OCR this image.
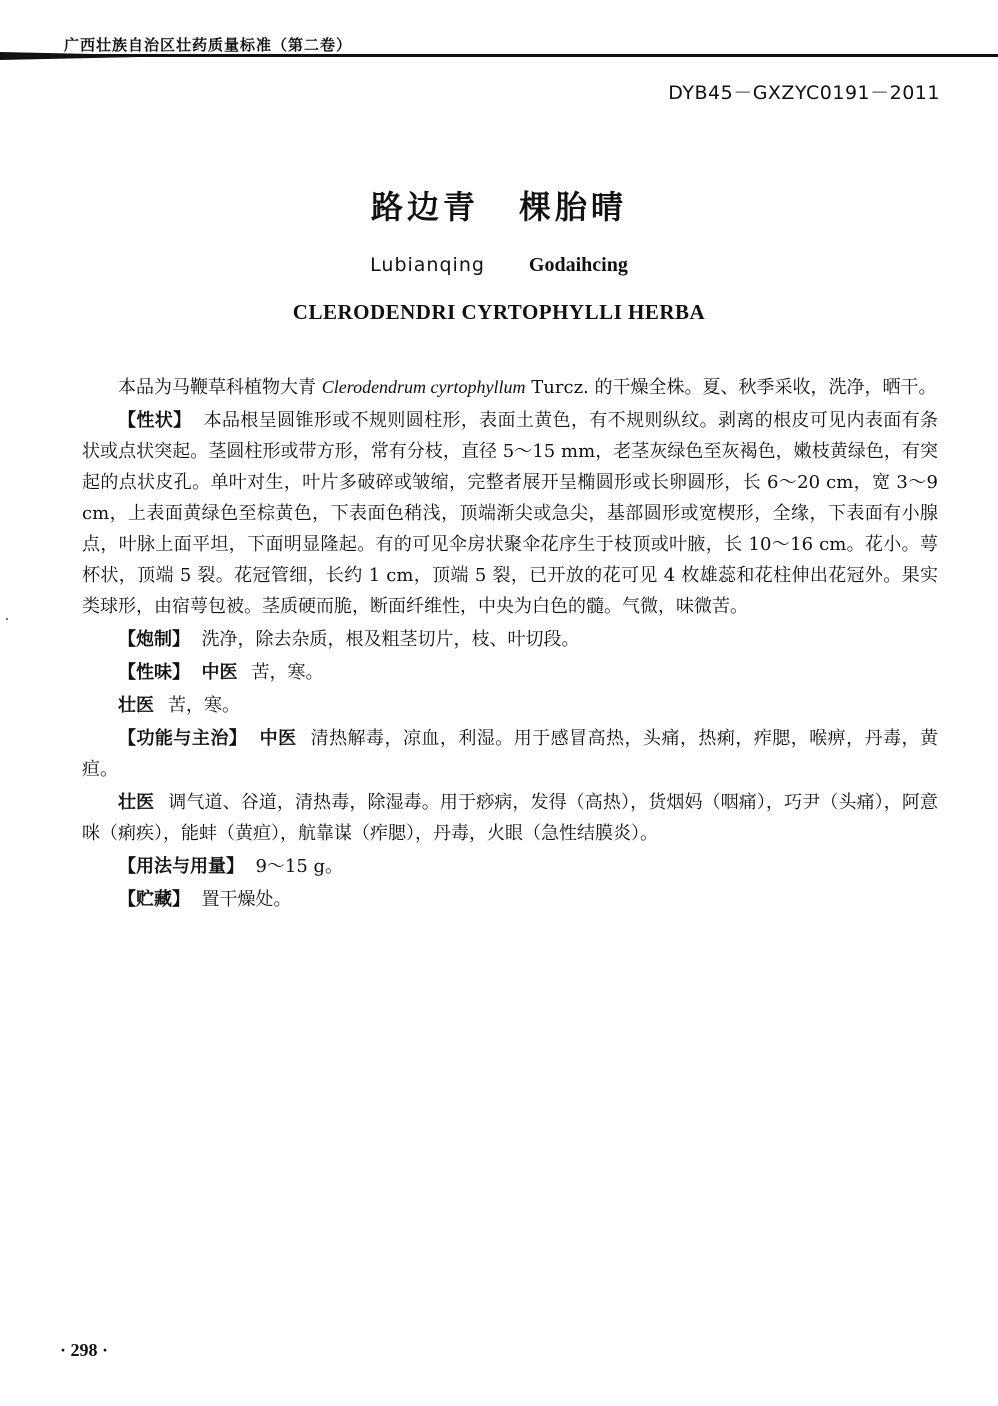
广西壮族自治区壮药质量标准（第二卷）
DYB45－GXZYC0191－2011
路边青 棵胎晴
Lubianqing Godaihcing
CLERODENDRI CYRTOPHYLLI HERBA

本品为马鞭草科植物大青 Clerodendrum cyrtophyllum Turcz. 的干燥全株。夏、秋季采收，洗净，晒干。

【性状】 本品根呈圆锥形或不规则圆柱形，表面土黄色，有不规则纵纹。剥离的根皮可见内表面有条状或点状突起。茎圆柱形或带方形，常有分枝，直径 5～15 mm，老茎灰绿色至灰褐色，嫩枝黄绿色，有突起的点状皮孔。单叶对生，叶片多破碎或皱缩，完整者展开呈椭圆形或长卵圆形，长 6～20 cm，宽 3～9 cm，上表面黄绿色至棕黄色，下表面色稍浅，顶端渐尖或急尖，基部圆形或宽楔形，全缘，下表面有小腺点，叶脉上面平坦，下面明显隆起。有的可见伞房状聚伞花序生于枝顶或叶腋，长 10～16 cm。花小。萼杯状，顶端 5 裂。花冠管细，长约 1 cm，顶端 5 裂，已开放的花可见 4 枚雄蕊和花柱伸出花冠外。果实类球形，由宿萼包被。茎质硬而脆，断面纤维性，中央为白色的髓。气微，味微苦。

【炮制】 洗净，除去杂质，根及粗茎切片，枝、叶切段。

【性味】 中医 苦，寒。

壮医 苦，寒。

【功能与主治】 中医 清热解毒，凉血，利湿。用于感冒高热，头痛，热痢，痄腮，喉痹，丹毒，黄疸。

壮医 调气道、谷道，清热毒，除湿毒。用于痧病，发得（高热），货烟妈（咽痛），巧尹（头痛），阿意咪（痢疾），能蚌（黄疸），航靠谋（痄腮），丹毒，火眼（急性结膜炎）。

【用法与用量】 9～15 g。

【贮藏】 置干燥处。

· 298 ·
